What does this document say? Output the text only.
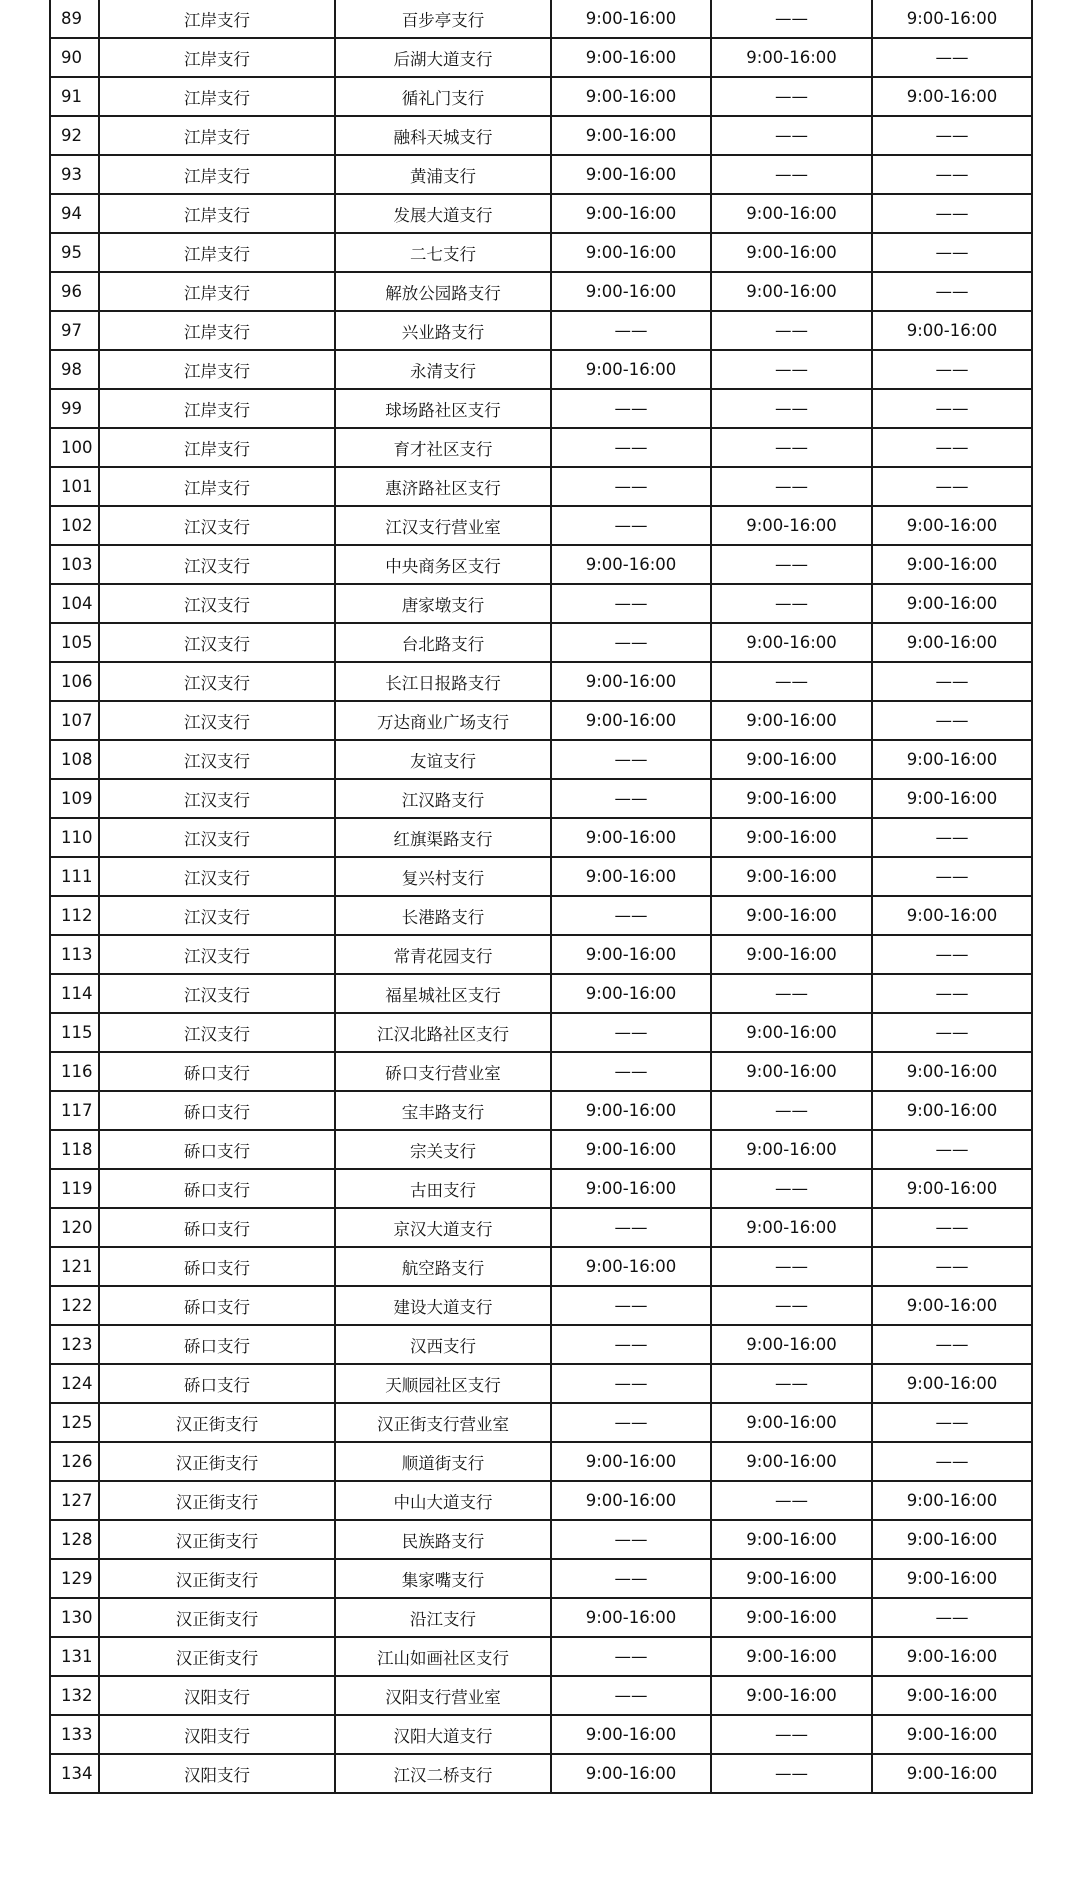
89	江岸支行	百步亭支行	9:00-16:00	——	9:00-16:00
90	江岸支行	后湖大道支行	9:00-16:00	9:00-16:00	——
91	江岸支行	循礼门支行	9:00-16:00	——	9:00-16:00
92	江岸支行	融科天城支行	9:00-16:00	——	——
93	江岸支行	黄浦支行	9:00-16:00	——	——
94	江岸支行	发展大道支行	9:00-16:00	9:00-16:00	——
95	江岸支行	二七支行	9:00-16:00	9:00-16:00	——
96	江岸支行	解放公园路支行	9:00-16:00	9:00-16:00	——
97	江岸支行	兴业路支行	——	——	9:00-16:00
98	江岸支行	永清支行	9:00-16:00	——	——
99	江岸支行	球场路社区支行	——	——	——
100	江岸支行	育才社区支行	——	——	——
101	江岸支行	惠济路社区支行	——	——	——
102	江汉支行	江汉支行营业室	——	9:00-16:00	9:00-16:00
103	江汉支行	中央商务区支行	9:00-16:00	——	9:00-16:00
104	江汉支行	唐家墩支行	——	——	9:00-16:00
105	江汉支行	台北路支行	——	9:00-16:00	9:00-16:00
106	江汉支行	长江日报路支行	9:00-16:00	——	——
107	江汉支行	万达商业广场支行	9:00-16:00	9:00-16:00	——
108	江汉支行	友谊支行	——	9:00-16:00	9:00-16:00
109	江汉支行	江汉路支行	——	9:00-16:00	9:00-16:00
110	江汉支行	红旗渠路支行	9:00-16:00	9:00-16:00	——
111	江汉支行	复兴村支行	9:00-16:00	9:00-16:00	——
112	江汉支行	长港路支行	——	9:00-16:00	9:00-16:00
113	江汉支行	常青花园支行	9:00-16:00	9:00-16:00	——
114	江汉支行	福星城社区支行	9:00-16:00	——	——
115	江汉支行	江汉北路社区支行	——	9:00-16:00	——
116	硚口支行	硚口支行营业室	——	9:00-16:00	9:00-16:00
117	硚口支行	宝丰路支行	9:00-16:00	——	9:00-16:00
118	硚口支行	宗关支行	9:00-16:00	9:00-16:00	——
119	硚口支行	古田支行	9:00-16:00	——	9:00-16:00
120	硚口支行	京汉大道支行	——	9:00-16:00	——
121	硚口支行	航空路支行	9:00-16:00	——	——
122	硚口支行	建设大道支行	——	——	9:00-16:00
123	硚口支行	汉西支行	——	9:00-16:00	——
124	硚口支行	天顺园社区支行	——	——	9:00-16:00
125	汉正街支行	汉正街支行营业室	——	9:00-16:00	——
126	汉正街支行	顺道街支行	9:00-16:00	9:00-16:00	——
127	汉正街支行	中山大道支行	9:00-16:00	——	9:00-16:00
128	汉正街支行	民族路支行	——	9:00-16:00	9:00-16:00
129	汉正街支行	集家嘴支行	——	9:00-16:00	9:00-16:00
130	汉正街支行	沿江支行	9:00-16:00	9:00-16:00	——
131	汉正街支行	江山如画社区支行	——	9:00-16:00	9:00-16:00
132	汉阳支行	汉阳支行营业室	——	9:00-16:00	9:00-16:00
133	汉阳支行	汉阳大道支行	9:00-16:00	——	9:00-16:00
134	汉阳支行	江汉二桥支行	9:00-16:00	——	9:00-16:00
